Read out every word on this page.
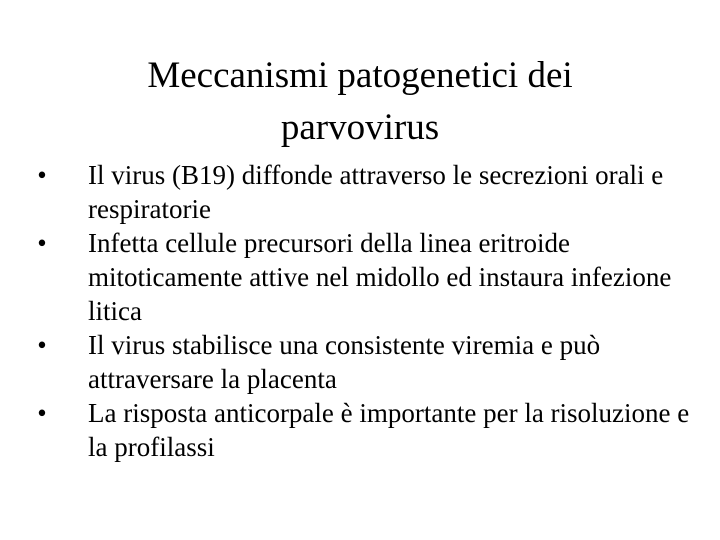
Meccanismi patogenetici dei
parvovirus
• Il virus (B19) diffonde attraverso le secrezioni orali e respiratorie
• Infetta cellule precursori della linea eritroide mitoticamente attive nel midollo ed instaura infezione litica
• Il virus stabilisce una consistente viremia e può attraversare la placenta
• La risposta anticorpale è importante per la risoluzione e la profilassi
